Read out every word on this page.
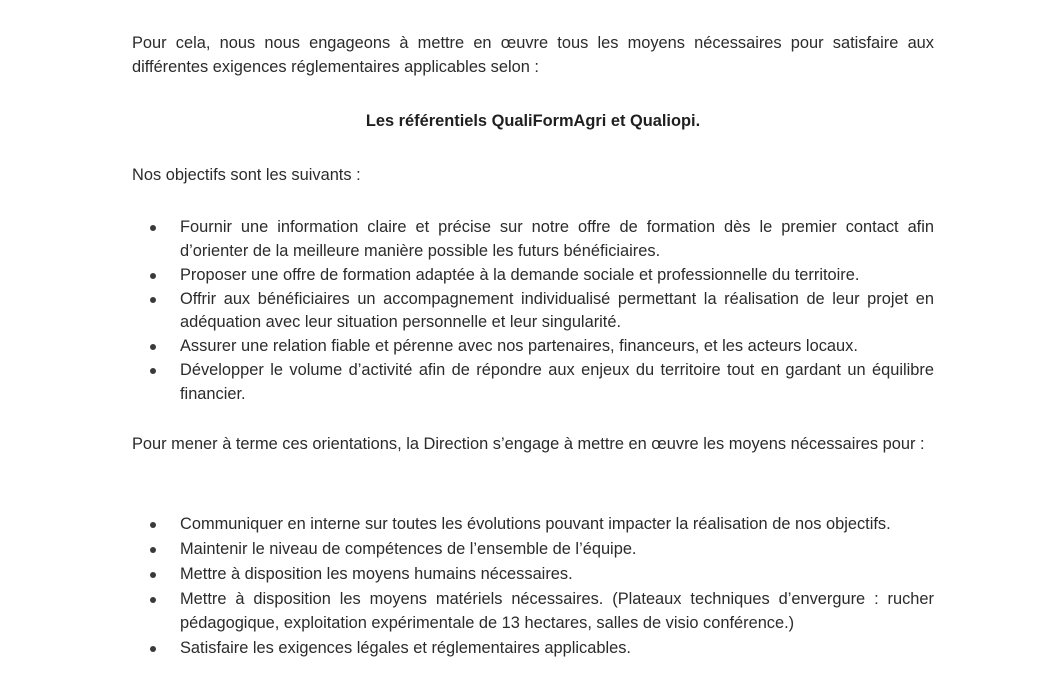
Pour cela, nous nous engageons à mettre en œuvre tous les moyens nécessaires pour satisfaire aux différentes exigences réglementaires applicables selon :

Les référentiels QualiFormAgri et Qualiopi.

Nos objectifs sont les suivants :

Fournir une information claire et précise sur notre offre de formation dès le premier contact afin d’orienter de la meilleure manière possible les futurs bénéficiaires.
Proposer une offre de formation adaptée à la demande sociale et professionnelle du territoire.
Offrir aux bénéficiaires un accompagnement individualisé permettant la réalisation de leur projet en adéquation avec leur situation personnelle et leur singularité.
Assurer une relation fiable et pérenne avec nos partenaires, financeurs, et les acteurs locaux.
Développer le volume d’activité afin de répondre aux enjeux du territoire tout en gardant un équilibre financier.

Pour mener à terme ces orientations, la Direction s’engage à mettre en œuvre les moyens nécessaires pour :

Communiquer en interne sur toutes les évolutions pouvant impacter la réalisation de nos objectifs.
Maintenir le niveau de compétences de l’ensemble de l’équipe.
Mettre à disposition les moyens humains nécessaires.
Mettre à disposition les moyens matériels nécessaires. (Plateaux techniques d’envergure : rucher pédagogique, exploitation expérimentale de 13 hectares, salles de visio conférence.)
Satisfaire les exigences légales et réglementaires applicables.
